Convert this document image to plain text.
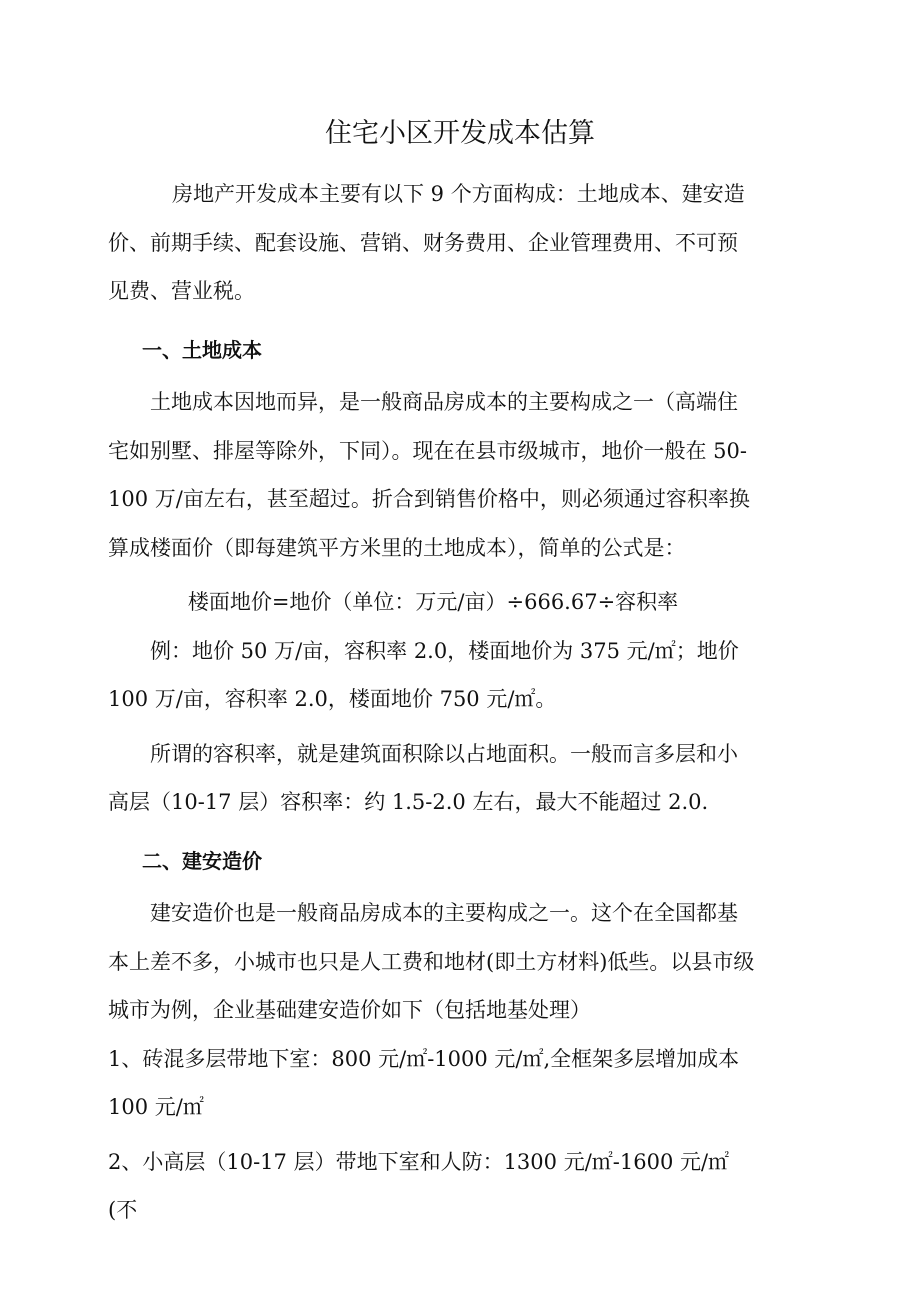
住宅小区开发成本估算

房地产开发成本主要有以下 9 个方面构成：土地成本、建安造价、前期手续、配套设施、营销、财务费用、企业管理费用、不可预见费、营业税。

一、土地成本

土地成本因地而异，是一般商品房成本的主要构成之一（高端住宅如别墅、排屋等除外，下同）。现在在县市级城市，地价一般在 50-100 万/亩左右，甚至超过。折合到销售价格中，则必须通过容积率换算成楼面价（即每建筑平方米里的土地成本），简单的公式是：

楼面地价=地价（单位：万元/亩）÷666.67÷容积率

例：地价 50 万/亩，容积率 2.0，楼面地价为 375 元/㎡；地价 100 万/亩，容积率 2.0，楼面地价 750 元/㎡。

所谓的容积率，就是建筑面积除以占地面积。一般而言多层和小高层（10-17 层）容积率：约 1.5-2.0 左右，最大不能超过 2.0.

二、建安造价

建安造价也是一般商品房成本的主要构成之一。这个在全国都基本上差不多，小城市也只是人工费和地材(即土方材料)低些。以县市级城市为例，企业基础建安造价如下（包括地基处理）

1、砖混多层带地下室：800 元/㎡-1000 元/㎡,全框架多层增加成本 100 元/㎡

2、小高层（10-17 层）带地下室和人防：1300 元/㎡-1600 元/㎡(不
